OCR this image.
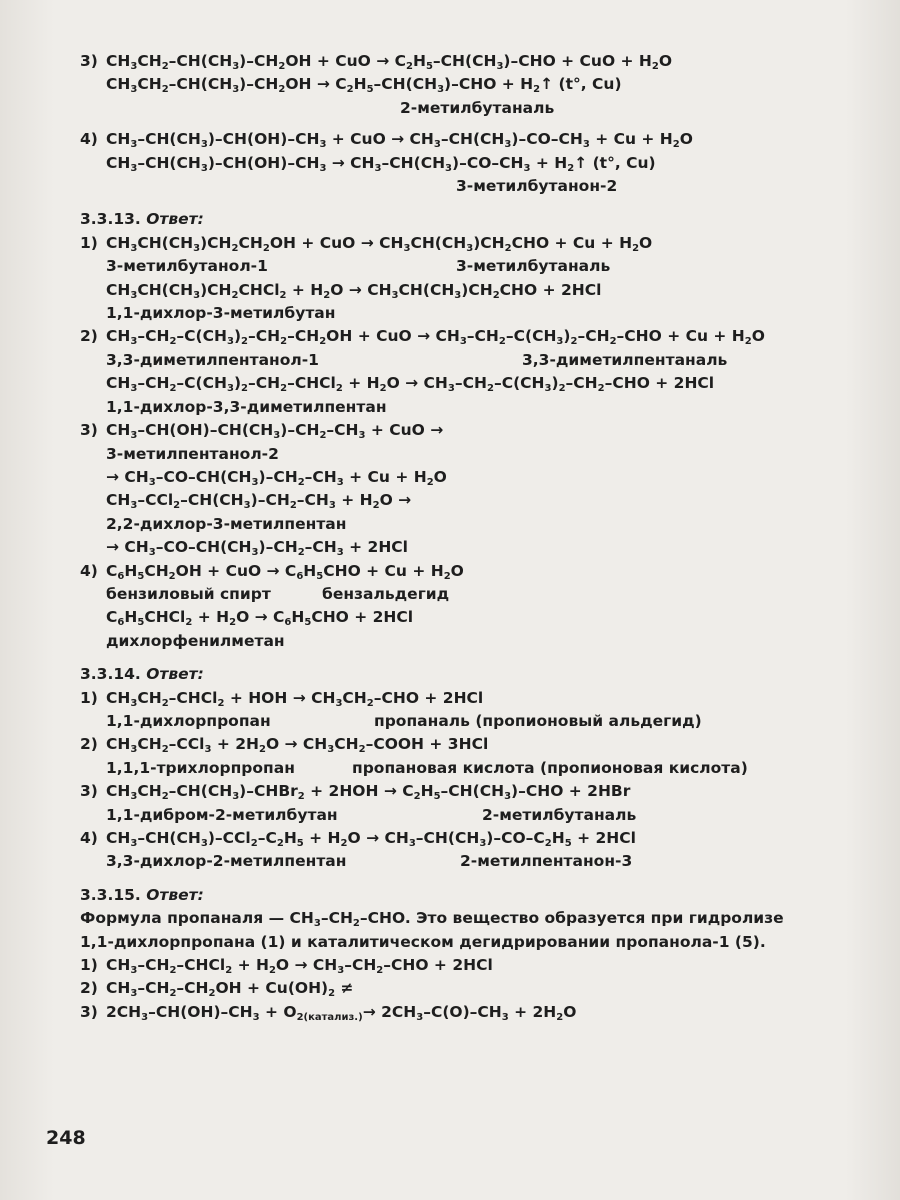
3) $CH_3CH_2-CH(CH_3)-CH_2OH$ + CuO → $C_2H_5-CH(CH_3)$–CHO + CuO + $H_2O$
$CH_3CH_2-CH(CH_3)-CH_2OH \to C_2H_5-CH(CH_3)-CHO$ + $H_2↑$ (t°, Cu)
2-метилбутаналь
4) $CH_3-CH(CH_3)-CH(OH)-CH_3$ + CuO → $CH_3-CH(CH_3)-CO-CH_3 + Cu + H_2O$
$CH_3-CH(CH_3)-CH(OH)-CH_3 \to CH_3-CH(CH_3)-CO-CH_3$ + $H_2↑$ (t°, Cu)
3-метилбутанон-2
3.3.13. Ответ:
1) $CH_3CH(CH_3)CH_2CH_2OH$ + CuO → $CH_3CH(CH_3)CH_2CHO + Cu + H_2O$
3-метилбутанол-1	3-метилбутаналь
$CH_3CH(CH_3)CH_2CHCl_2 + H_2O \to CH_3CH(CH_3)CH_2CHO + 2HCl$
1,1-дихлор-3-метилбутан
2) $CH_3-CH_2-C(CH_3)_2-CH_2-CH_2OH$ + CuO → $CH_3-CH_2-C(CH_3)_2-CH_2$–CHO + $Cu + H_2O$
3,3-диметилпентанол-1	3,3-диметилпентаналь
$CH_3-CH_2-C(CH_3)_2-CH_2-CHCl_2 + H_2O \to CH_3-CH_2-C(CH_3)_2-CH_2-CHO + 2HCl$
1,1-дихлор-3,3-диметилпентан
3) $CH_3-CH(OH)-CH(CH_3)-CH_2-CH_3$ + CuO →
3-метилпентанол-2
→ $CH_3-CO-CH(CH_3)-CH_2-CH_3 + Cu + H_2O$
$CH_3-CCl_2-CH(CH_3)-CH_2-CH_3 + H_2O$ →
2,2-дихлор-3-метилпентан
→ $CH_3-CO-CH(CH_3)-CH_2-CH_3 + 2HCl$
4) $C_6H_5CH_2OH$ + CuO → $C_6H_5CHO + Cu + H_2O$
бензиловый спирт	бензальдегид
$C_6H_5CHCl_2 + H_2O \to C_6H_5CHO + 2HCl$
дихлорфенилметан
3.3.14. Ответ:
1) $CH_3CH_2-CHCl_2$ + HOH → $CH_3CH_2$–CHO + 2HCl
1,1-дихлорпропан	пропаналь (пропионовый альдегид)
2) $CH_3CH_2-CCl_3 + 2H_2O$ → $CH_3CH_2$–COOH + 3HCl
1,1,1-трихлорпропан	пропановая кислота (пропионовая кислота)
3) $CH_3CH_2-CH(CH_3)-CHBr_2 + 2HOH \to C_2H_5-CH(CH_3)-CHO + 2HBr$
1,1-дибром-2-метилбутан	2-метилбутаналь
4) $CH_3-CH(CH_3)-CCl_2-C_2H_5 + H_2O \to CH_3-CH(CH_3)-CO-C_2H_5 + 2HCl$
3,3-дихлор-2-метилпентан	2-метилпентанон-3
3.3.15. Ответ:
Формула пропаналя — $CH_3-CH_2$–CHO. Это вещество образуется при гидролизе
1,1-дихлорпропана (1) и каталитическом дегидрировании пропанола-1 (5).
1) $CH_3-CH_2-CHCl_2 + H_2O \to CH_3-CH_2-CHO + 2HCl$
2) $CH_3-CH_2-CH_2OH + Cu(OH)_2$ ≠
3) $2CH_3-CH(OH)-CH_3 + O_{2(катализ.)}\to 2CH_3-C(O)-CH_3 + 2H_2O$
248
